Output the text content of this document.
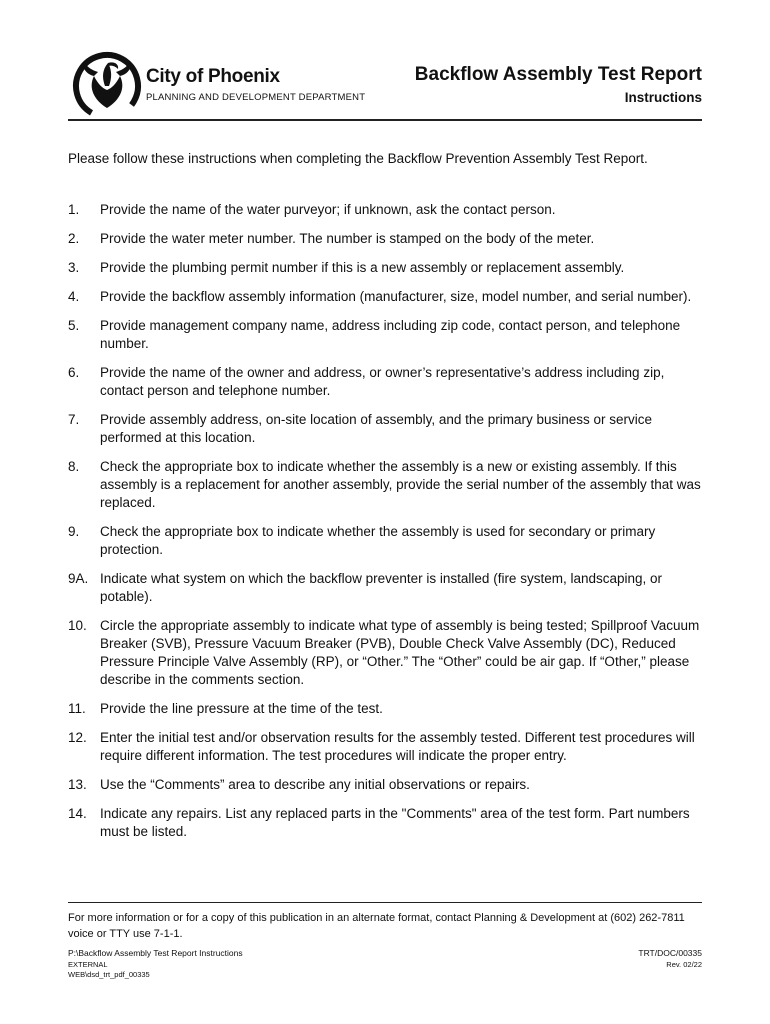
City of Phoenix
PLANNING AND DEVELOPMENT DEPARTMENT
Backflow Assembly Test Report
Instructions
Please follow these instructions when completing the Backflow Prevention Assembly Test Report.
1. Provide the name of the water purveyor; if unknown, ask the contact person.
2. Provide the water meter number. The number is stamped on the body of the meter.
3. Provide the plumbing permit number if this is a new assembly or replacement assembly.
4. Provide the backflow assembly information (manufacturer, size, model number, and serial number).
5. Provide management company name, address including zip code, contact person, and telephone number.
6. Provide the name of the owner and address, or owner’s representative’s address including zip, contact person and telephone number.
7. Provide assembly address, on-site location of assembly, and the primary business or service performed at this location.
8. Check the appropriate box to indicate whether the assembly is a new or existing assembly. If this assembly is a replacement for another assembly, provide the serial number of the assembly that was replaced.
9. Check the appropriate box to indicate whether the assembly is used for secondary or primary protection.
9A. Indicate what system on which the backflow preventer is installed (fire system, landscaping, or potable).
10. Circle the appropriate assembly to indicate what type of assembly is being tested; Spillproof Vacuum Breaker (SVB), Pressure Vacuum Breaker (PVB), Double Check Valve Assembly (DC), Reduced Pressure Principle Valve Assembly (RP), or “Other.” The “Other” could be air gap. If “Other,” please describe in the comments section.
11. Provide the line pressure at the time of the test.
12. Enter the initial test and/or observation results for the assembly tested. Different test procedures will require different information. The test procedures will indicate the proper entry.
13. Use the “Comments” area to describe any initial observations or repairs.
14. Indicate any repairs. List any replaced parts in the "Comments" area of the test form. Part numbers must be listed.
For more information or for a copy of this publication in an alternate format, contact Planning & Development at (602) 262-7811 voice or TTY use 7-1-1.
P:\Backflow Assembly Test Report Instructions
EXTERNAL
WEB\dsd_trt_pdf_00335
TRT/DOC/00335
Rev. 02/22
